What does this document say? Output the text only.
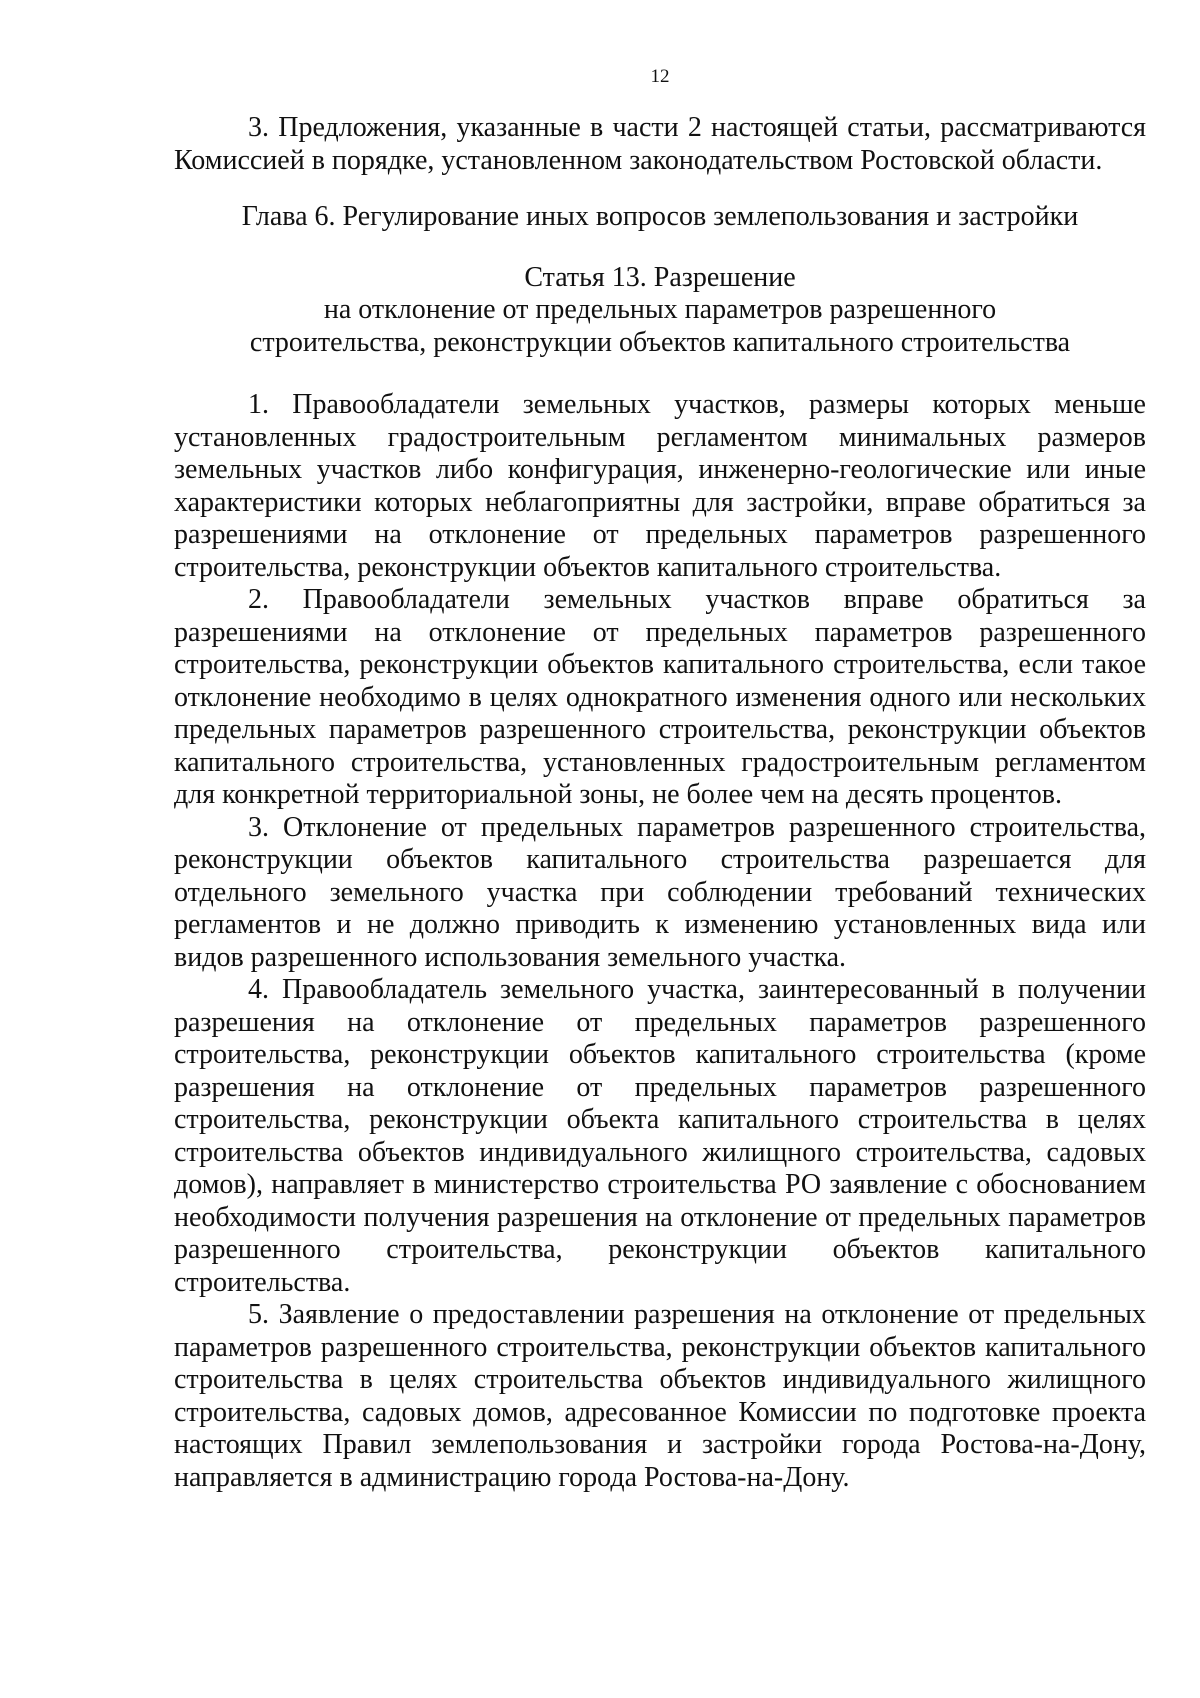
12

3. Предложения, указанные в части 2 настоящей статьи, рассматриваются Комиссией в порядке, установленном законодательством Ростовской области.

Глава 6. Регулирование иных вопросов землепользования и застройки

Статья 13. Разрешение
на отклонение от предельных параметров разрешенного
строительства, реконструкции объектов капитального строительства

1. Правообладатели земельных участков, размеры которых меньше установленных градостроительным регламентом минимальных размеров земельных участков либо конфигурация, инженерно-геологические или иные характеристики которых неблагоприятны для застройки, вправе обратиться за разрешениями на отклонение от предельных параметров разрешенного строительства, реконструкции объектов капитального строительства.

2. Правообладатели земельных участков вправе обратиться за разрешениями на отклонение от предельных параметров разрешенного строительства, реконструкции объектов капитального строительства, если такое отклонение необходимо в целях однократного изменения одного или нескольких предельных параметров разрешенного строительства, реконструкции объектов капитального строительства, установленных градостроительным регламентом для конкретной территориальной зоны, не более чем на десять процентов.

3. Отклонение от предельных параметров разрешенного строительства, реконструкции объектов капитального строительства разрешается для отдельного земельного участка при соблюдении требований технических регламентов и не должно приводить к изменению установленных вида или видов разрешенного использования земельного участка.

4. Правообладатель земельного участка, заинтересованный в получении разрешения на отклонение от предельных параметров разрешенного строительства, реконструкции объектов капитального строительства (кроме разрешения на отклонение от предельных параметров разрешенного строительства, реконструкции объекта капитального строительства в целях строительства объектов индивидуального жилищного строительства, садовых домов), направляет в министерство строительства РО заявление с обоснованием необходимости получения разрешения на отклонение от предельных параметров разрешенного строительства, реконструкции объектов капитального строительства.

5. Заявление о предоставлении разрешения на отклонение от предельных параметров разрешенного строительства, реконструкции объектов капитального строительства в целях строительства объектов индивидуального жилищного строительства, садовых домов, адресованное Комиссии по подготовке проекта настоящих Правил землепользования и застройки города Ростова-на-Дону, направляется в администрацию города Ростова-на-Дону.
